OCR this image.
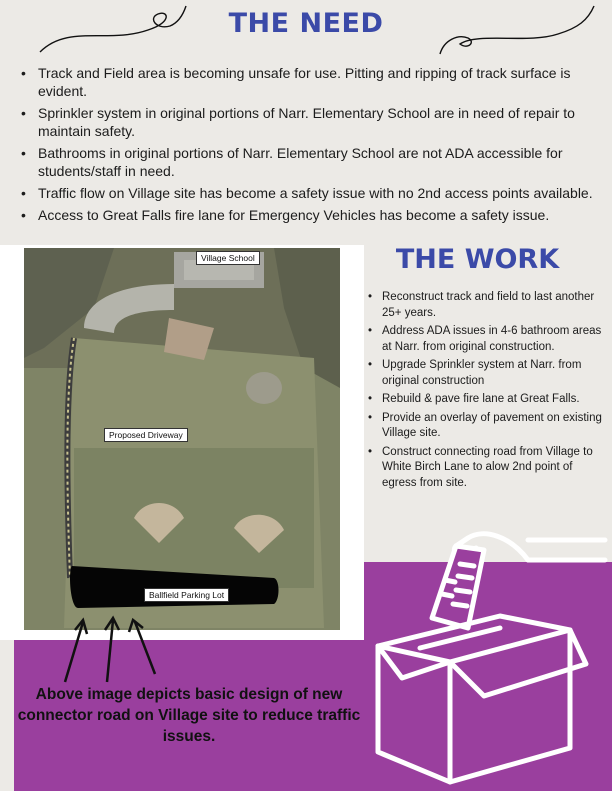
THE NEED
• Track and Field area is becoming unsafe for use. Pitting and ripping of track surface is evident.
• Sprinkler system in original portions of Narr. Elementary School are in need of repair to maintain safety.
• Bathrooms in original portions of Narr. Elementary School are not ADA accessible for students/staff in need.
• Traffic flow on Village site has become a safety issue with no 2nd access points available.
• Access to Great Falls fire lane for Emergency Vehicles has become a safety issue.
Village School
Proposed Driveway
Ballfield Parking Lot
Above image depicts basic design of new connector road on Village site to reduce traffic issues.
THE WORK
• Reconstruct track and field to last another 25+ years.
• Address ADA issues in 4-6 bathroom areas at Narr. from original construction.
• Upgrade Sprinkler system at Narr. from original construction
• Rebuild & pave fire lane at Great Falls.
• Provide an overlay of pavement on existing Village site.
• Construct connecting road from Village to White Birch Lane to alow 2nd point of egress from site.
